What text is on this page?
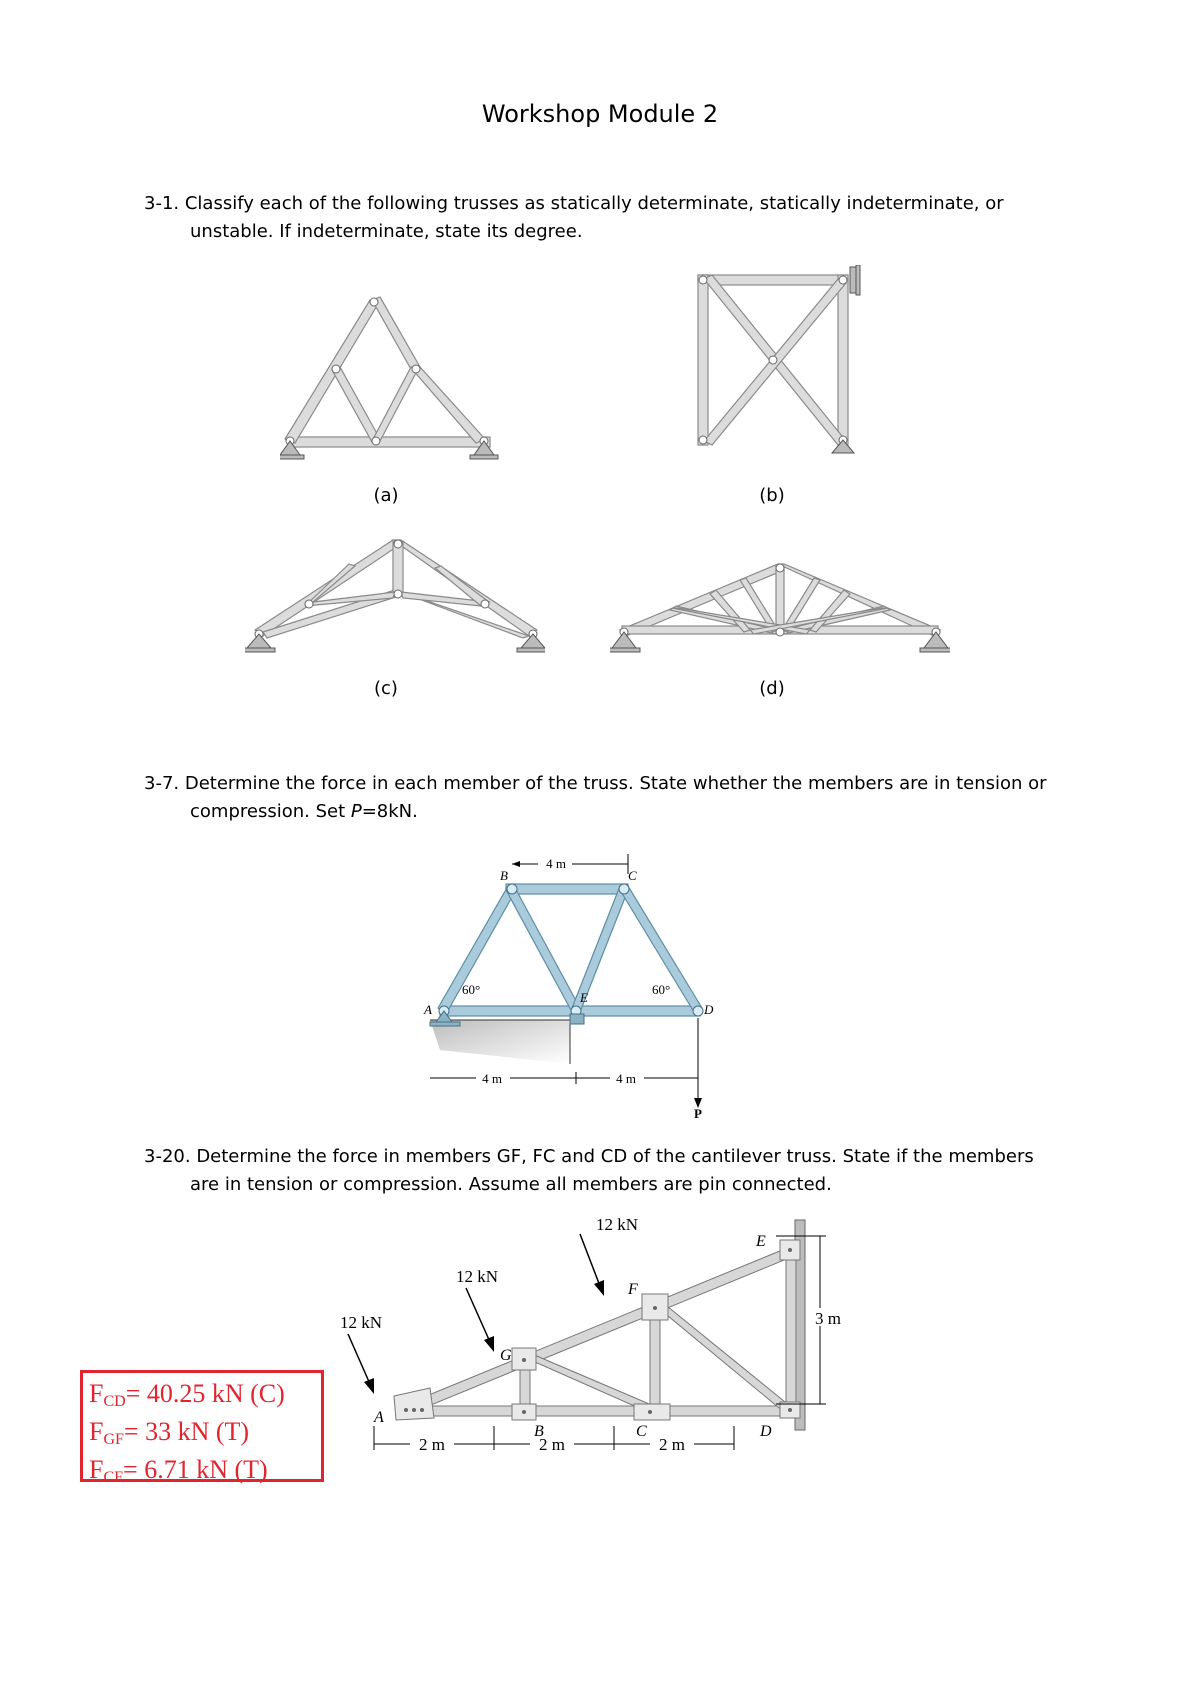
Workshop Module 2
3-1. Classify each of the following trusses as statically determinate, statically indeterminate, or unstable. If indeterminate, state its degree.
(a)	(b)
(c)	(d)
3-7. Determine the force in each member of the truss. State whether the members are in tension or compression. Set P=8kN.
4 m
4 m	4 m
60°	60°
B	C
A
E
D
P
3-20. Determine the force in members GF, FC and CD of the cantilever truss. State if the members are in tension or compression. Assume all members are pin connected.
2 m	2 m	2 m
3 m
12 kN
12 kN
12 kN
A
G
F
E
B	C	D
$F_{CD}= 40.25$ kN (C)
$F_{GF}= 33$ kN (T)
$F_{CF}= 6.71$ kN (T)
